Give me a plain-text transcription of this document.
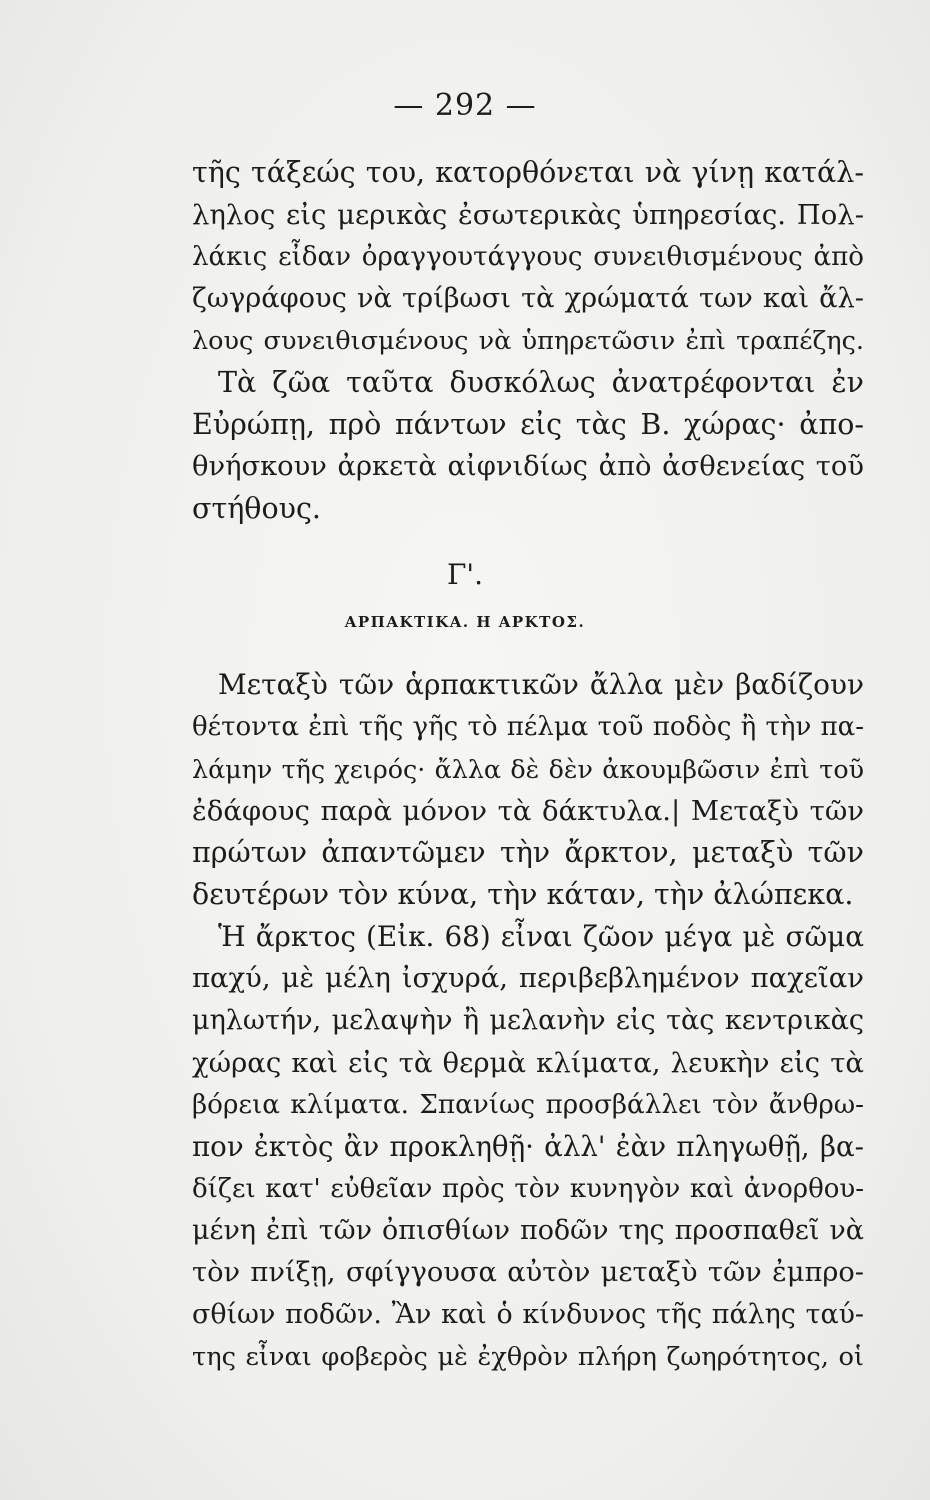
— 292 —
τῆς τάξεώς του, κατορθόνεται νὰ γίνῃ κατάλ-
ληλος εἰς μερικὰς ἐσωτερικὰς ὑπηρεσίας. Πολ-
λάκις εἶδαν ὀραγγουτάγγους συνειθισμένους ἀπὸ
ζωγράφους νὰ τρίβωσι τὰ χρώματά των καὶ ἄλ-
λους συνειθισμένους νὰ ὑπηρετῶσιν ἐπὶ τραπέζης.
Τὰ ζῶα ταῦτα δυσκόλως ἀνατρέφονται ἐν
Εὐρώπῃ, πρὸ πάντων εἰς τὰς Β. χώρας· ἀπο-
θνήσκουν ἀρκετὰ αἰφνιδίως ἀπὸ ἀσθενείας τοῦ
στήθους.
Γ'.
ΑΡΠΑΚΤΙΚΑ. Η ΑΡΚΤΟΣ.
Μεταξὺ τῶν ἁρπακτικῶν ἄλλα μὲν βαδίζουν
θέτοντα ἐπὶ τῆς γῆς τὸ πέλμα τοῦ ποδὸς ἢ τὴν πα-
λάμην τῆς χειρός· ἄλλα δὲ δὲν ἀκουμβῶσιν ἐπὶ τοῦ
ἐδάφους παρὰ μόνον τὰ δάκτυλα.| Μεταξὺ τῶν
πρώτων ἀπαντῶμεν τὴν ἄρκτον, μεταξὺ τῶν
δευτέρων τὸν κύνα, τὴν κάταν, τὴν ἀλώπεκα.
Ἡ ἄρκτος (Εἰκ. 68) εἶναι ζῶον μέγα μὲ σῶμα
παχύ, μὲ μέλη ἰσχυρά, περιβεβλημένον παχεῖαν
μηλωτήν, μελαψὴν ἢ μελανὴν εἰς τὰς κεντρικὰς
χώρας καὶ εἰς τὰ θερμὰ κλίματα, λευκὴν εἰς τὰ
βόρεια κλίματα. Σπανίως προσβάλλει τὸν ἄνθρω-
πον ἐκτὸς ἂν προκληθῇ· ἀλλ' ἐὰν πληγωθῇ, βα-
δίζει κατ' εὐθεῖαν πρὸς τὸν κυνηγὸν καὶ ἀνορθου-
μένη ἐπὶ τῶν ὀπισθίων ποδῶν της προσπαθεῖ νὰ
τὸν πνίξῃ, σφίγγουσα αὐτὸν μεταξὺ τῶν ἐμπρο-
σθίων ποδῶν. Ἂν καὶ ὁ κίνδυνος τῆς πάλης ταύ-
της εἶναι φοβερὸς μὲ ἐχθρὸν πλήρη ζωηρότητος, οἱ
